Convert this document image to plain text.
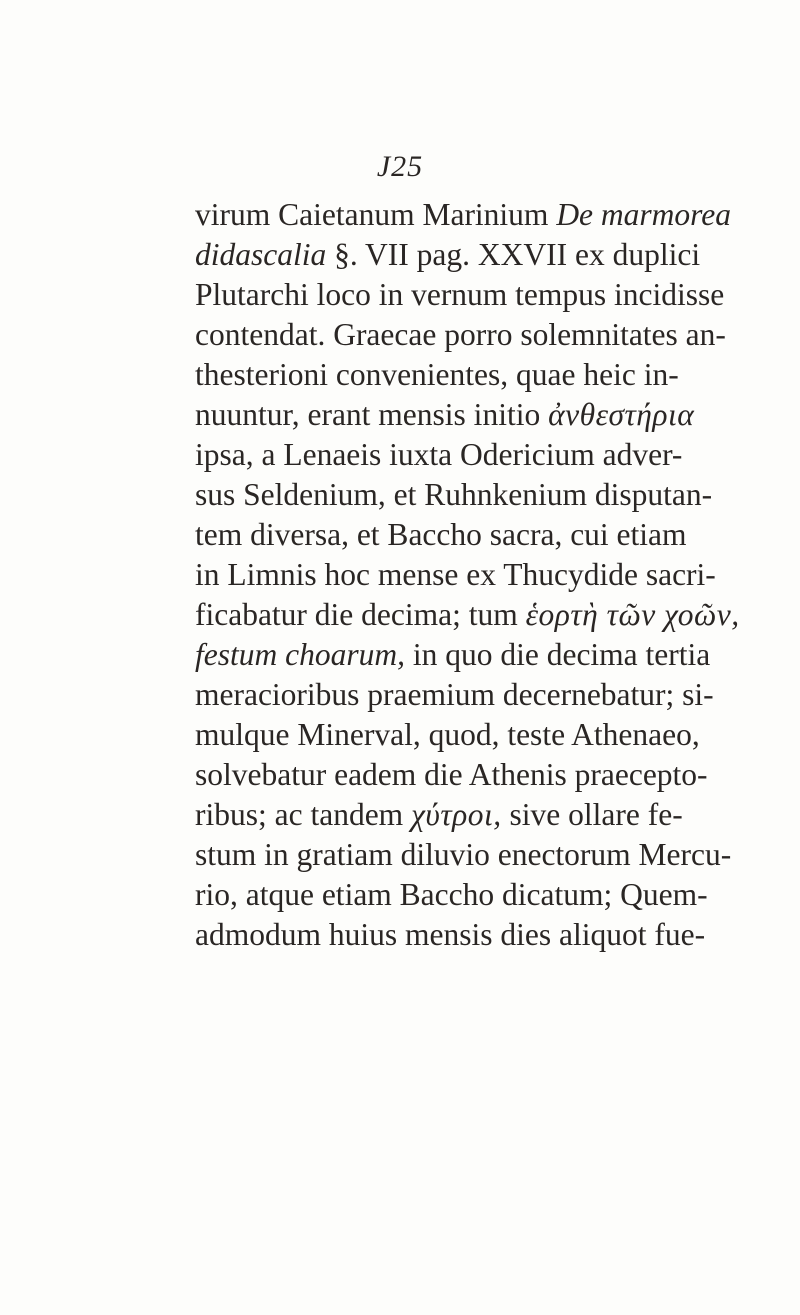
J25
virum Caietanum Marinium De marmorea
didascalia §. VII pag. XXVII ex duplici
Plutarchi loco in vernum tempus incidisse
contendat. Graecae porro solemnitates an-
thesterioni convenientes, quae heic in-
nuuntur, erant mensis initio ἀνθεστήρια
ipsa, a Lenaeis iuxta Odericium adver-
sus Seldenium, et Ruhnkenium disputan-
tem diversa, et Baccho sacra, cui etiam
in Limnis hoc mense ex Thucydide sacri-
ficabatur die decima; tum ἑορτὴ τῶν χοῶν,
festum choarum, in quo die decima tertia
meracioribus praemium decernebatur; si-
mulque Minerval, quod, teste Athenaeo,
solvebatur eadem die Athenis praecepto-
ribus; ac tandem χύτροι, sive ollare fe-
stum in gratiam diluvio enectorum Mercu-
rio, atque etiam Baccho dicatum; Quem-
admodum huius mensis dies aliquot fue-
